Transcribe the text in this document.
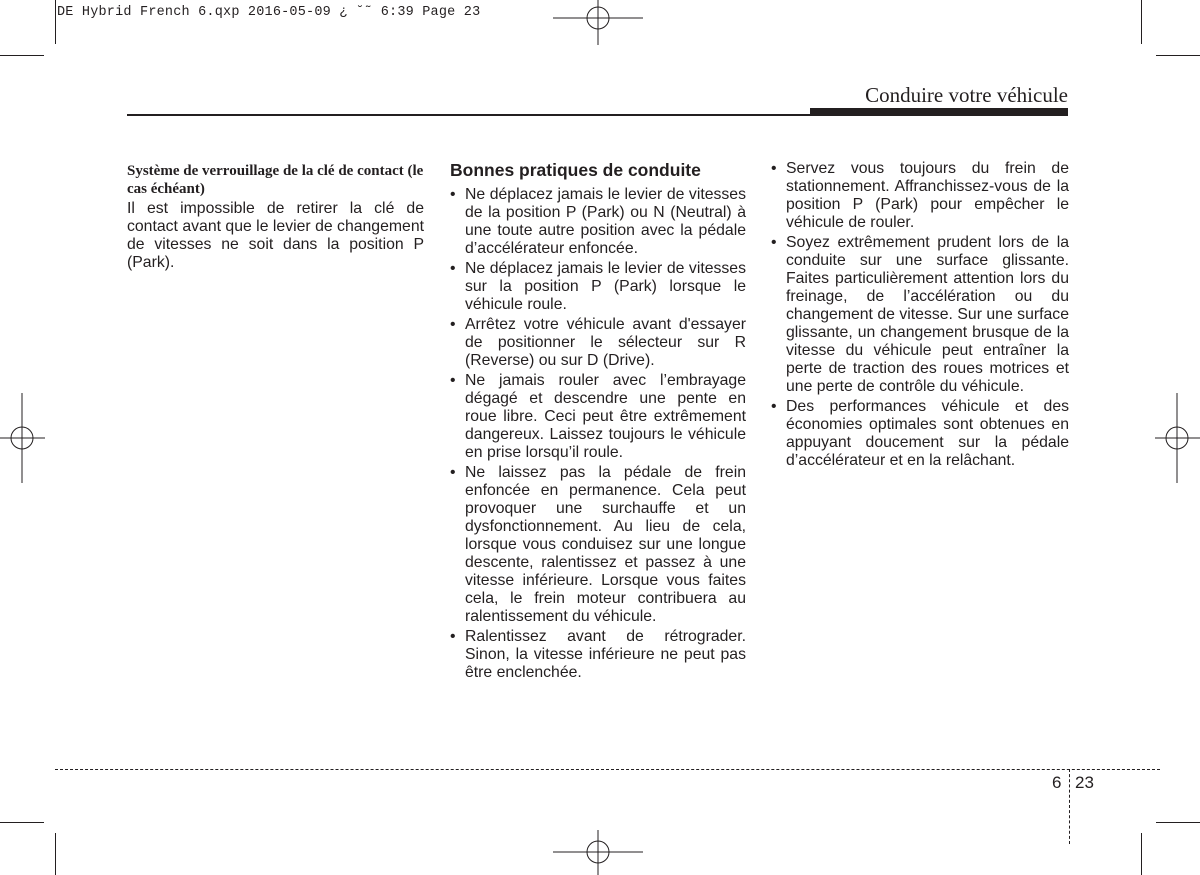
DE Hybrid French 6.qxp 2016-05-09 ¿ ˘˜ 6:39 Page 23
Conduire votre véhicule
Système de verrouillage de la clé de contact (le cas échéant)

Il est impossible de retirer la clé de contact avant que le levier de changement de vitesses ne soit dans la position P (Park).

Bonnes pratiques de conduite
• Ne déplacez jamais le levier de vitesses de la position P (Park) ou N (Neutral) à une toute autre position avec la pédale d’accélérateur enfoncée.
• Ne déplacez jamais le levier de vitesses sur la position P (Park) lorsque le véhicule roule.
• Arrêtez votre véhicule avant d'essayer de positionner le sélecteur sur R (Reverse) ou sur D (Drive).
• Ne jamais rouler avec l’embrayage dégagé et descendre une pente en roue libre. Ceci peut être extrêmement dangereux. Laissez toujours le véhicule en prise lorsqu’il roule.
• Ne laissez pas la pédale de frein enfoncée en permanence. Cela peut provoquer une surchauffe et un dysfonctionnement. Au lieu de cela, lorsque vous conduisez sur une longue descente, ralentissez et passez à une vitesse inférieure. Lorsque vous faites cela, le frein moteur contribuera au ralentissement du véhicule.
• Ralentissez avant de rétrograder. Sinon, la vitesse inférieure ne peut pas être enclenchée.
• Servez vous toujours du frein de stationnement. Affranchissez-vous de la position P (Park) pour empêcher le véhicule de rouler.
• Soyez extrêmement prudent lors de la conduite sur une surface glissante. Faites particulièrement attention lors du freinage, de l’accélération ou du changement de vitesse. Sur une surface glissante, un changement brusque de la vitesse du véhicule peut entraîner la perte de traction des roues motrices et une perte de contrôle du véhicule.
• Des performances véhicule et des économies optimales sont obtenues en appuyant doucement sur la pédale d’accélérateur et en la relâchant.
6 23
